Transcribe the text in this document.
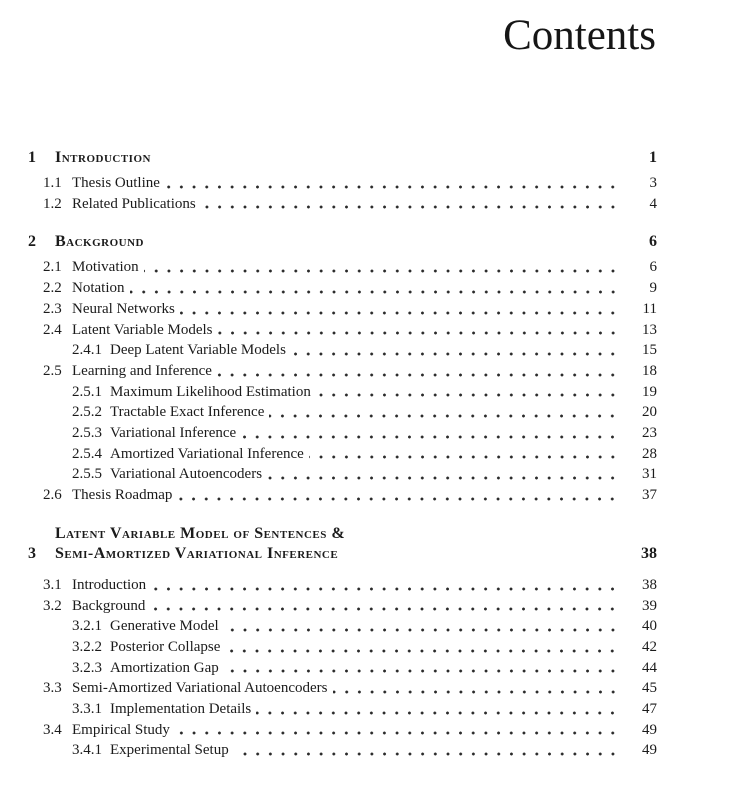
Contents
1	Introduction	1
1.1 Thesis Outline	3
1.2 Related Publications	4
2	Background	6
2.1 Motivation	6
2.2 Notation	9
2.3 Neural Networks	11
2.4 Latent Variable Models	13
2.4.1 Deep Latent Variable Models	15
2.5 Learning and Inference	18
2.5.1 Maximum Likelihood Estimation	19
2.5.2 Tractable Exact Inference	20
2.5.3 Variational Inference	23
2.5.4 Amortized Variational Inference	28
2.5.5 Variational Autoencoders	31
2.6 Thesis Roadmap	37
3
Latent Variable Model of Sentences &
Semi-Amortized Variational Inference	38
3.1 Introduction	38
3.2 Background	39
3.2.1 Generative Model	40
3.2.2 Posterior Collapse	42
3.2.3 Amortization Gap	44
3.3 Semi-Amortized Variational Autoencoders	45
3.3.1 Implementation Details	47
3.4 Empirical Study	49
3.4.1 Experimental Setup	49
